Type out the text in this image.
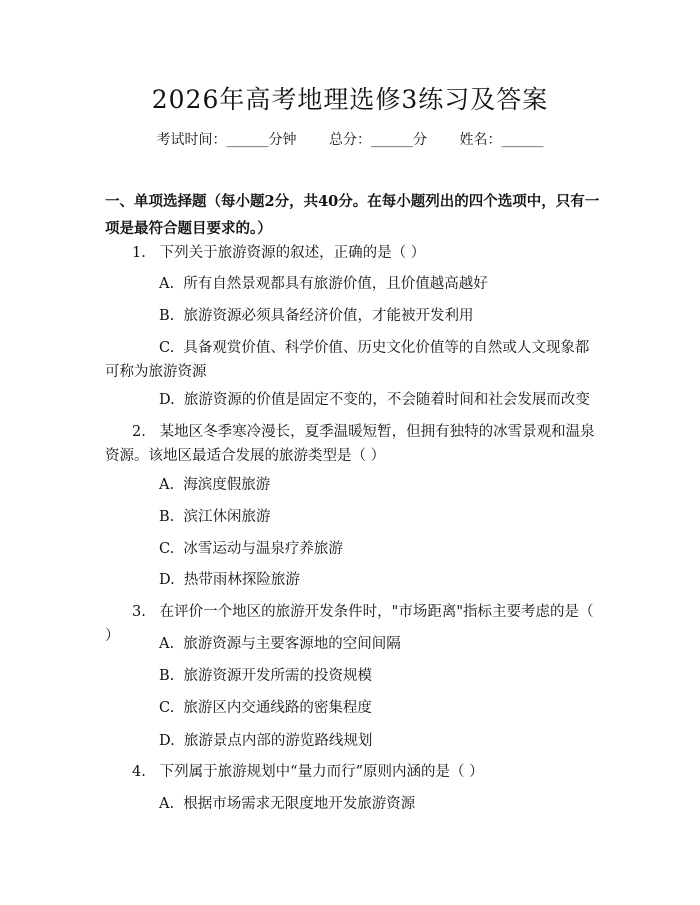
2026年高考地理选修3练习及答案
考试时间：______分钟 总分：______分 姓名：______
一、单项选择题（每小题2分，共40分。在每小题列出的四个选项中，只有一项是最符合题目要求的。）
1.   下列关于旅游资源的叙述，正确的是（ ）
A.  所有自然景观都具有旅游价值，且价值越高越好
B.  旅游资源必须具备经济价值，才能被开发利用
C.  具备观赏价值、科学价值、历史文化价值等的自然或人文现象都可称为旅游资源
D.  旅游资源的价值是固定不变的，不会随着时间和社会发展而改变
2.   某地区冬季寒冷漫长，夏季温暖短暂，但拥有独特的冰雪景观和温泉资源。该地区最适合发展的旅游类型是（ ）
A.  海滨度假旅游
B.  滨江休闲旅游
C.  冰雪运动与温泉疗养旅游
D.  热带雨林探险旅游
3.   在评价一个地区的旅游开发条件时，"市场距离"指标主要考虑的是（ ）	A.  旅游资源与主要客源地的空间间隔
B.  旅游资源开发所需的投资规模
C.  旅游区内交通线路的密集程度
D.  旅游景点内部的游览路线规划
4.   下列属于旅游规划中“量力而行”原则内涵的是（ ）
A.  根据市场需求无限度地开发旅游资源
